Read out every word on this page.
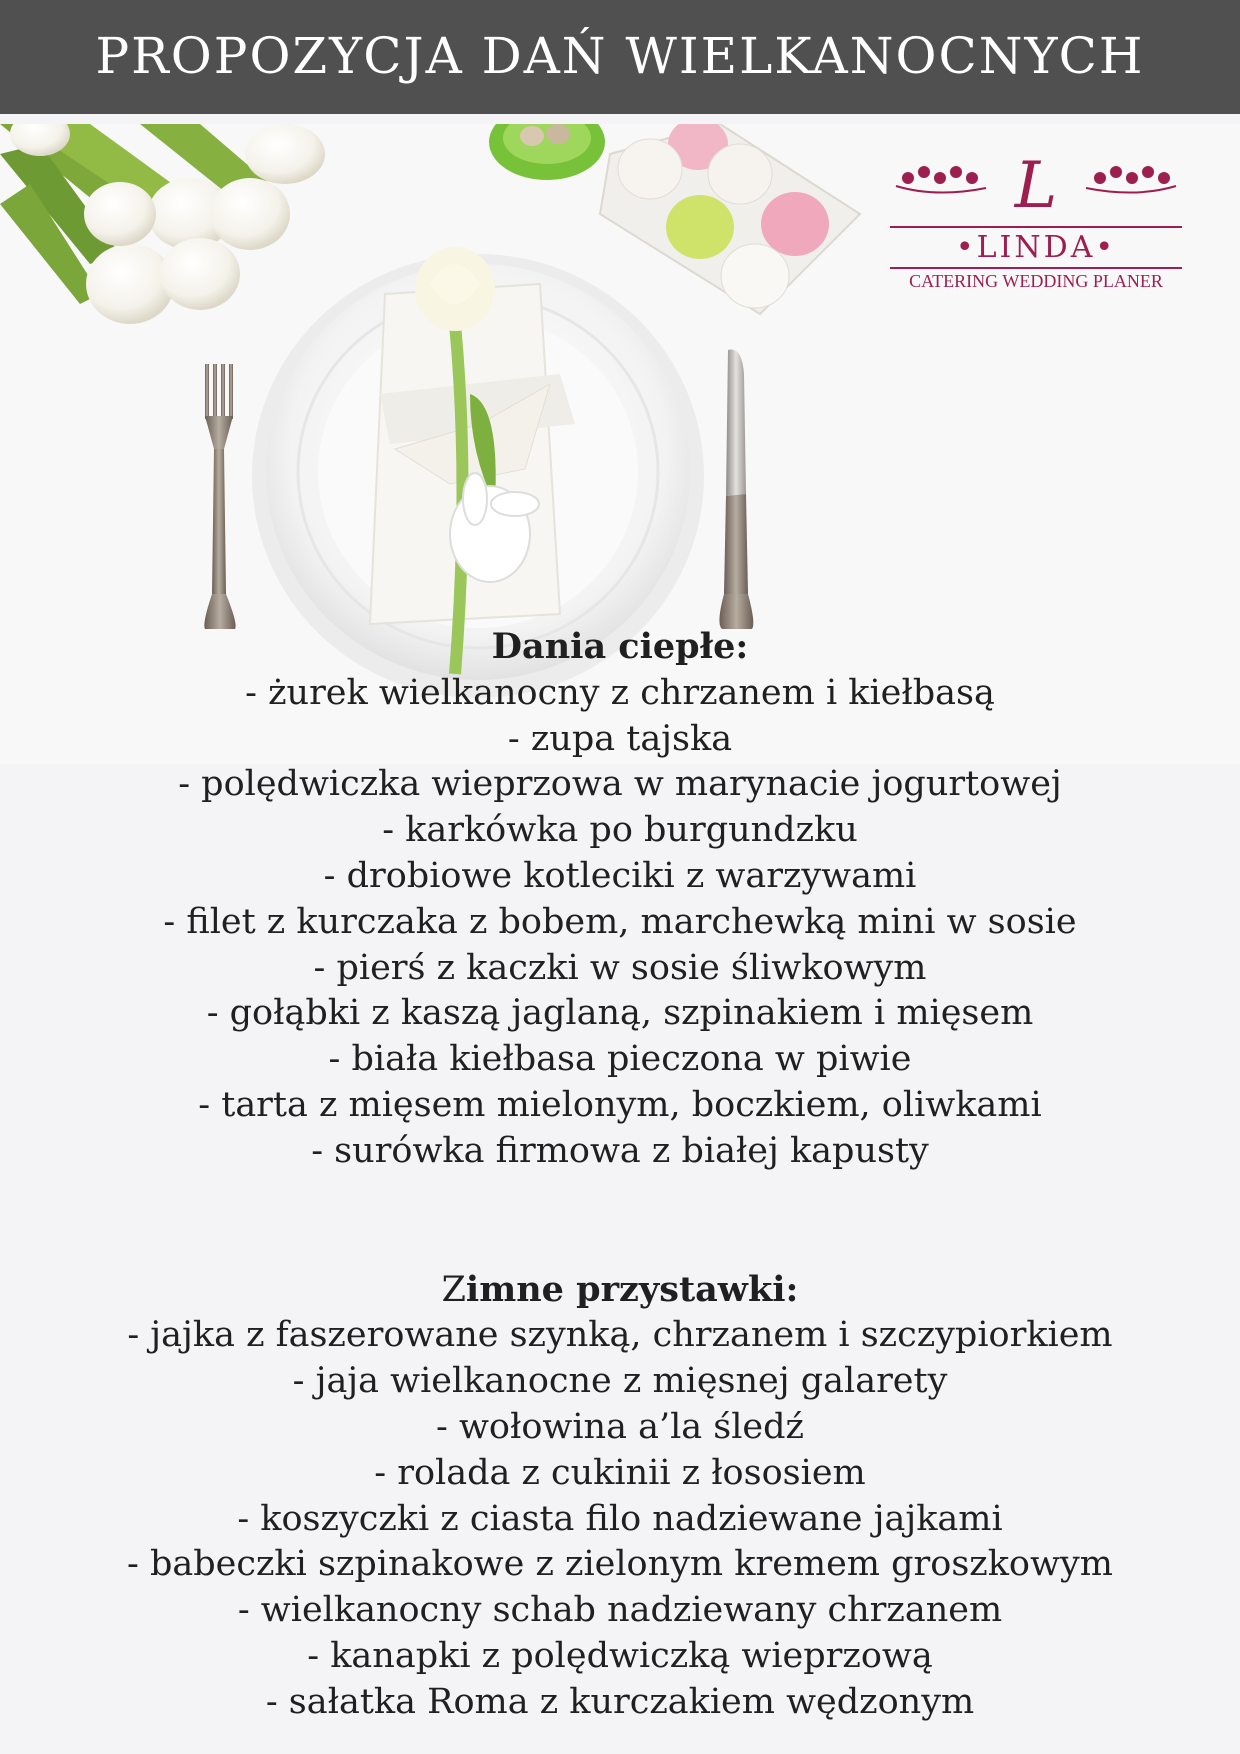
PROPOZYCJA DAŃ WIELKANOCNYCH
L
•LINDA•
CATERING WEDDING PLANER
Dania ciepłe:
- żurek wielkanocny z chrzanem i kiełbasą
- zupa tajska
- polędwiczka wieprzowa w marynacie jogurtowej
- karkówka po burgundzku
- drobiowe kotleciki z warzywami
- filet z kurczaka z bobem, marchewką mini w sosie
- pierś z kaczki w sosie śliwkowym
- gołąbki z kaszą jaglaną, szpinakiem i mięsem
- biała kiełbasa pieczona w piwie
- tarta z mięsem mielonym, boczkiem, oliwkami
- surówka firmowa z białej kapusty
Zimne przystawki:
- jajka z faszerowane szynką, chrzanem i szczypiorkiem
- jaja wielkanocne z mięsnej galarety
- wołowina a’la śledź
- rolada z cukinii z łososiem
- koszyczki z ciasta filo nadziewane jajkami
- babeczki szpinakowe z zielonym kremem groszkowym
- wielkanocny schab nadziewany chrzanem
- kanapki z polędwiczką wieprzową
- sałatka Roma z kurczakiem wędzonym
